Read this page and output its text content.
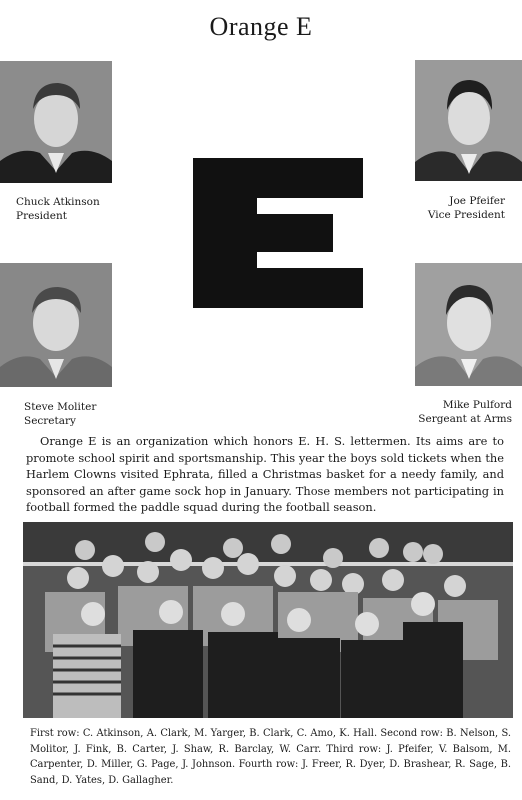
Orange E
Chuck Atkinson
President
Joe Pfeifer
Vice President
Steve Moliter
Secretary
Mike Pulford
Sergeant at Arms
Orange E is an organization which honors E. H. S. lettermen. Its aims are to promote school spirit and sportsmanship. This year the boys sold tickets when the Harlem Clowns visited Ephrata, filled a Christmas basket for a needy family, and sponsored an after game sock hop in January. Those members not participating in football formed the paddle squad during the football season.
First row: C. Atkinson, A. Clark, M. Yarger, B. Clark, C. Amo, K. Hall. Second row: B. Nelson, S. Molitor, J. Fink, B. Carter, J. Shaw, R. Barclay, W. Carr. Third row: J. Pfeifer, V. Balsom, M. Carpenter, D. Miller, G. Page, J. Johnson. Fourth row: J. Freer, R. Dyer, D. Brashear, R. Sage, B. Sand, D. Yates, D. Gallagher.
